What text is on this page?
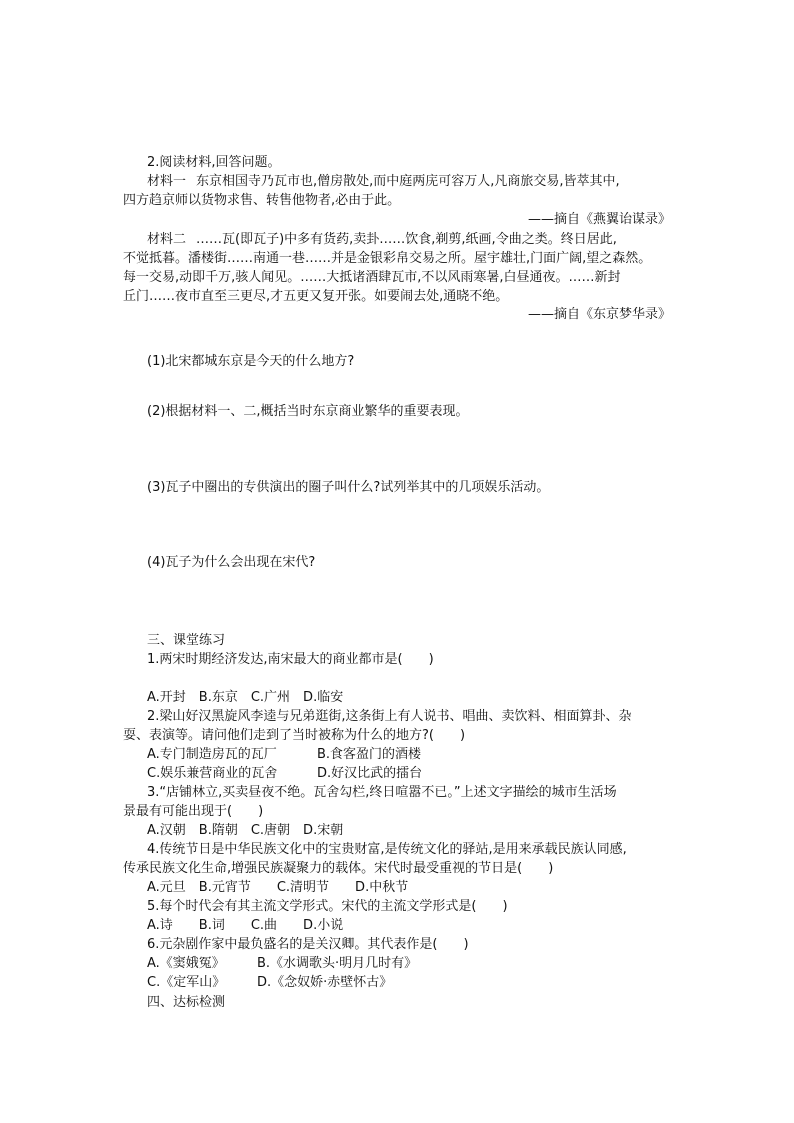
2.阅读材料,回答问题。
材料一 东京相国寺乃瓦市也,僧房散处,而中庭两庑可容万人,凡商旅交易,皆萃其中,
四方趋京师以货物求售、转售他物者,必由于此。
——摘自《燕翼诒谋录》
材料二 ……瓦(即瓦子)中多有货药,卖卦……饮食,剃剪,纸画,令曲之类。终日居此,
不觉抵暮。潘楼街……南通一巷……并是金银彩帛交易之所。屋宇雄壮,门面广阔,望之森然。
每一交易,动即千万,骇人闻见。……大抵诸酒肆瓦市,不以风雨寒暑,白昼通夜。……新封
丘门……夜市直至三更尽,才五更又复开张。如要闹去处,通晓不绝。
——摘自《东京梦华录》
(1)北宋都城东京是今天的什么地方?
(2)根据材料一、二,概括当时东京商业繁华的重要表现。
(3)瓦子中圈出的专供演出的圈子叫什么?试列举其中的几项娱乐活动。
(4)瓦子为什么会出现在宋代?
三、课堂练习
1.两宋时期经济发达,南宋最大的商业都市是(　　)
A.开封　B.东京　C.广州　D.临安
2.梁山好汉黑旋风李逵与兄弟逛街,这条街上有人说书、唱曲、卖饮料、相面算卦、杂
耍、表演等。请问他们走到了当时被称为什么的地方?(　　)
A.专门制造房瓦的瓦厂	B.食客盈门的酒楼
C.娱乐兼营商业的瓦舍	D.好汉比武的擂台
3.“店铺林立,买卖昼夜不绝。瓦舍勾栏,终日喧嚣不已。”上述文字描绘的城市生活场
景最有可能出现于(　　)
A.汉朝　B.隋朝　C.唐朝　D.宋朝
4.传统节日是中华民族文化中的宝贵财富,是传统文化的驿站,是用来承载民族认同感,
传承民族文化生命,增强民族凝聚力的载体。宋代时最受重视的节日是(　　)
A.元旦　B.元宵节　　C.清明节　　D.中秋节
5.每个时代会有其主流文学形式。宋代的主流文学形式是(　　)
A.诗　　B.词　　C.曲　　D.小说
6.元杂剧作家中最负盛名的是关汉卿。其代表作是(　　)
A.《窦娥冤》 B.《水调歌头·明月几时有》
C.《定军山》 D.《念奴娇·赤壁怀古》
四、达标检测
